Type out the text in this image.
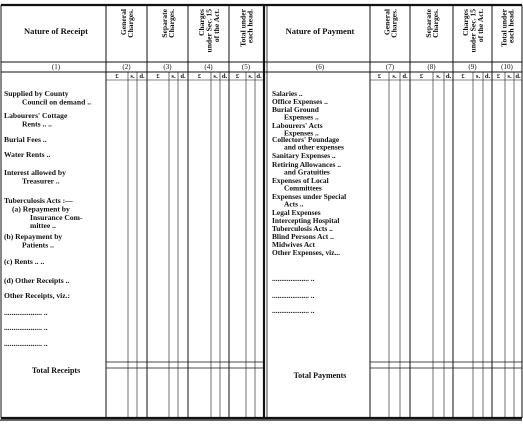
Nature of Receipt
(1)
General
Charges.
(2)
£ s. d.
Separate
Charges.
(3)
£ s. d.
Charges
under Sec. 15
of the Act.
(4)
£ s. d.
Total under
each head.
(5)
£ s. d.
Supplied by County
Council on demand ..
Labourers' Cottage
Rents .. ..
Burial Fees ..
Water Rents ..
Interest allowed by
Treasurer ..
Tuberculosis Acts :—
(a) Repayment by
Insurance Com-
mittee ..
(b) Repayment by
Patients ..
(c) Rents .. ..
(d) Other Receipts ..
Other Receipts, viz.:
.................... ..
.................... ..
.................... ..
Total Receipts
Nature of Payment
(6)
General
Charges.
(7)
£ s. d.
Separate
Charges.
(8)
£ s. d.
Charges
under Sec. 15
of the Act.
(9)
£ s. d.
Total under
each head.
(10)
£ s. d.
Salaries ..
Office Expenses ..
Burial Ground
Expenses ..
Labourers' Acts
Expenses ..
Collectors' Poundage
and other expenses
Sanitary Expenses ..
Retiring Allowances ..
and Gratuities
Expenses of Local
Committees
Expenses under Special
Acts ..
Legal Expenses
Intercepting Hospital
Tuberculosis Acts ..
Blind Persons Act ..
Midwives Act
Other Expenses, viz...
.................... ..
.................... ..
.................... ..
Total Payments
